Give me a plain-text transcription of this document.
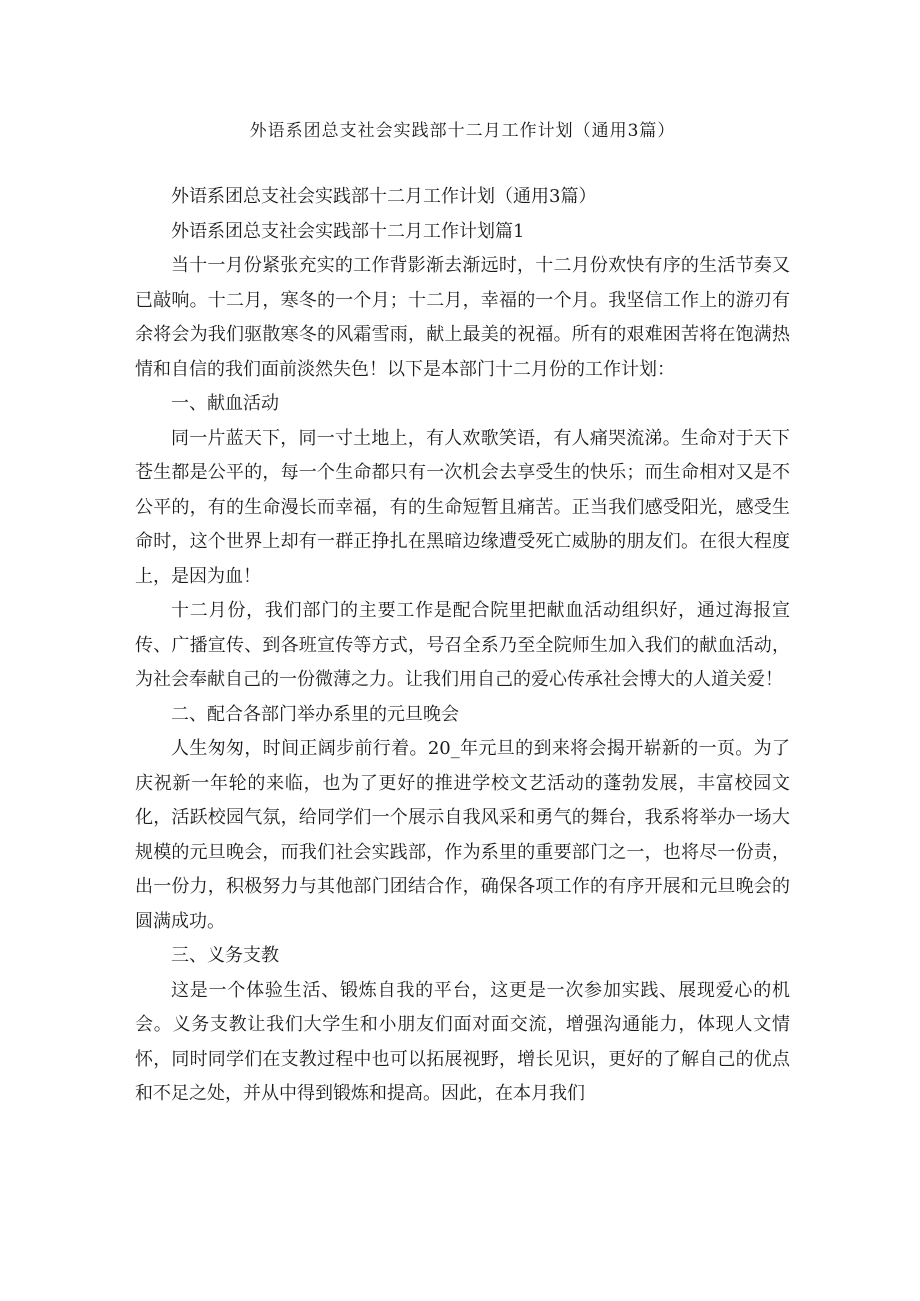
外语系团总支社会实践部十二月工作计划（通用3篇）

外语系团总支社会实践部十二月工作计划（通用3篇）

外语系团总支社会实践部十二月工作计划篇1

当十一月份紧张充实的工作背影渐去渐远时，十二月份欢快有序的生活节奏又已敲响。十二月，寒冬的一个月；十二月，幸福的一个月。我坚信工作上的游刃有余将会为我们驱散寒冬的风霜雪雨，献上最美的祝福。所有的艰难困苦将在饱满热情和自信的我们面前淡然失色！以下是本部门十二月份的工作计划：

一、献血活动

同一片蓝天下，同一寸土地上，有人欢歌笑语，有人痛哭流涕。生命对于天下苍生都是公平的，每一个生命都只有一次机会去享受生的快乐；而生命相对又是不公平的，有的生命漫长而幸福，有的生命短暂且痛苦。正当我们感受阳光，感受生命时，这个世界上却有一群正挣扎在黑暗边缘遭受死亡威胁的朋友们。在很大程度上，是因为血！

十二月份，我们部门的主要工作是配合院里把献血活动组织好，通过海报宣传、广播宣传、到各班宣传等方式，号召全系乃至全院师生加入我们的献血活动，为社会奉献自己的一份微薄之力。让我们用自己的爱心传承社会博大的人道关爱！

二、配合各部门举办系里的元旦晚会

人生匆匆，时间正阔步前行着。20_年元旦的到来将会揭开崭新的一页。为了庆祝新一年轮的来临，也为了更好的推进学校文艺活动的蓬勃发展，丰富校园文化，活跃校园气氛，给同学们一个展示自我风采和勇气的舞台，我系将举办一场大规模的元旦晚会，而我们社会实践部，作为系里的重要部门之一，也将尽一份责，出一份力，积极努力与其他部门团结合作，确保各项工作的有序开展和元旦晚会的圆满成功。

三、义务支教

这是一个体验生活、锻炼自我的平台，这更是一次参加实践、展现爱心的机会。义务支教让我们大学生和小朋友们面对面交流，增强沟通能力，体现人文情怀，同时同学们在支教过程中也可以拓展视野，增长见识，更好的了解自己的优点和不足之处，并从中得到锻炼和提高。因此，在本月我们
